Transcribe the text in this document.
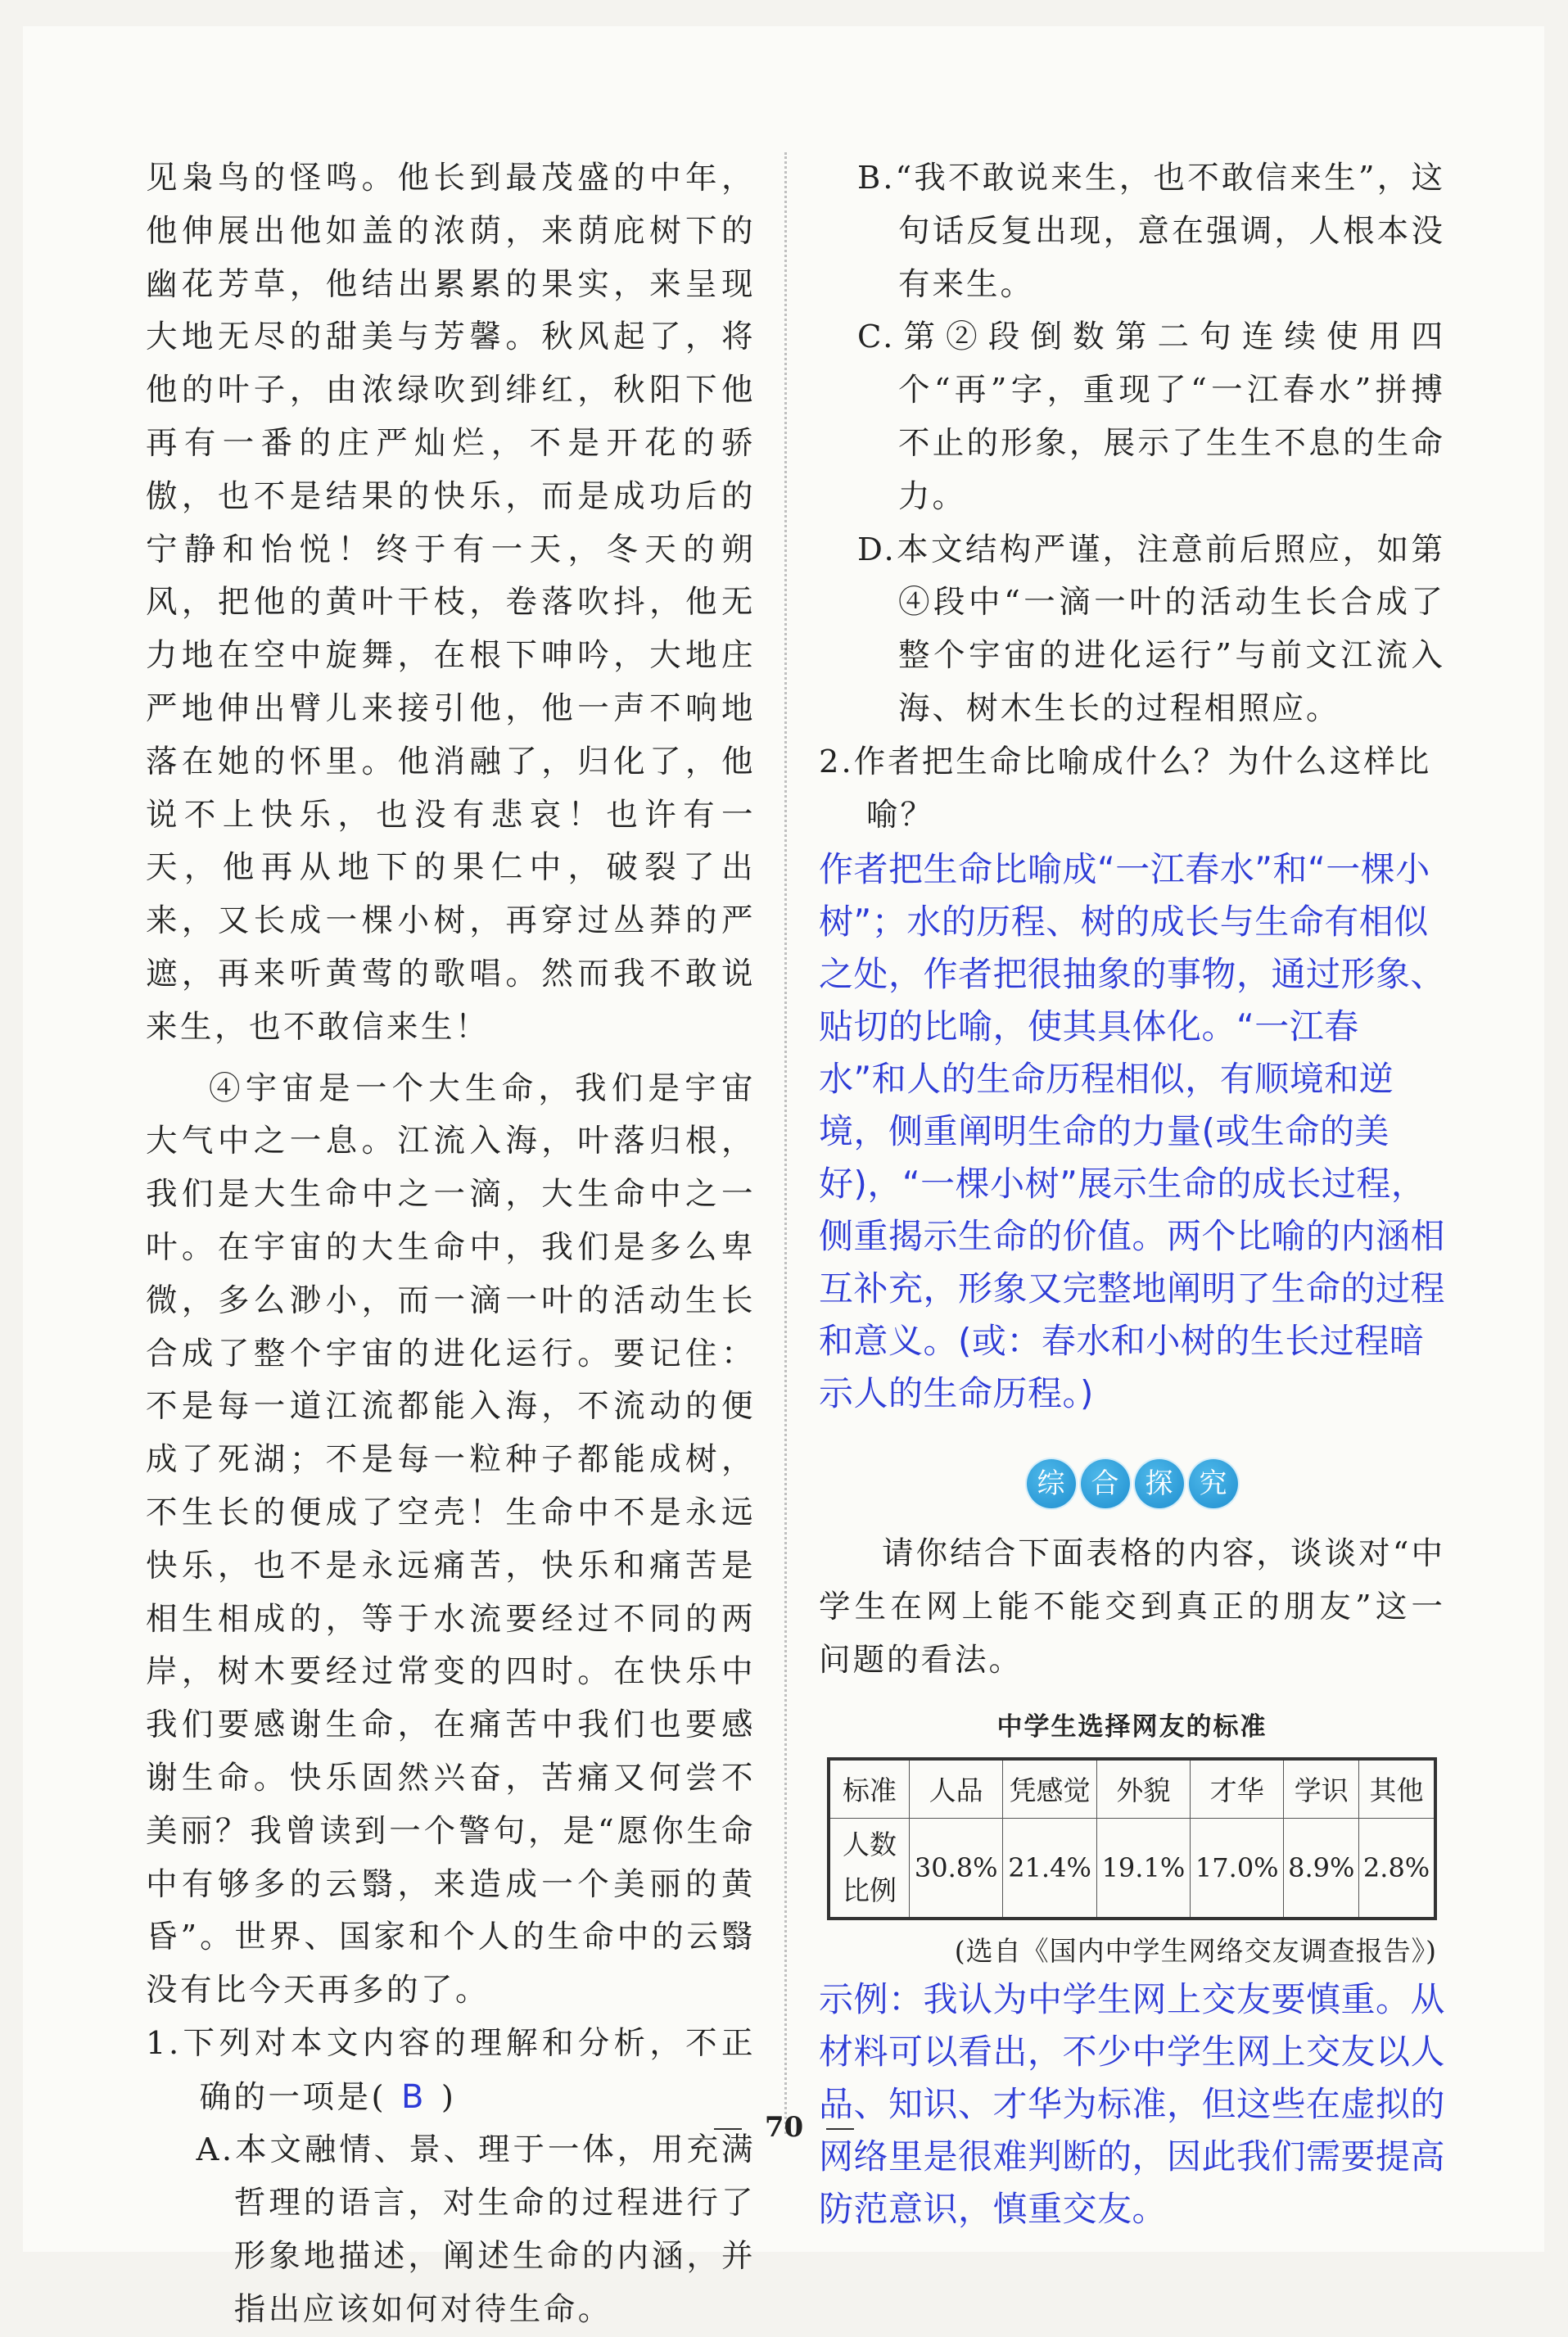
见枭鸟的怪鸣。他长到最茂盛的中年，他伸展出他如盖的浓荫，来荫庇树下的幽花芳草，他结出累累的果实，来呈现大地无尽的甜美与芳馨。秋风起了，将他的叶子，由浓绿吹到绯红，秋阳下他再有一番的庄严灿烂，不是开花的骄傲，也不是结果的快乐，而是成功后的宁静和怡悦！终于有一天，冬天的朔风，把他的黄叶干枝，卷落吹抖，他无力地在空中旋舞，在根下呻吟，大地庄严地伸出臂儿来接引他，他一声不响地落在她的怀里。他消融了，归化了，他说不上快乐，也没有悲哀！也许有一天，他再从地下的果仁中，破裂了出来，又长成一棵小树，再穿过丛莽的严遮，再来听黄莺的歌唱。然而我不敢说来生，也不敢信来生！

④宇宙是一个大生命，我们是宇宙大气中之一息。江流入海，叶落归根，我们是大生命中之一滴，大生命中之一叶。在宇宙的大生命中，我们是多么卑微，多么渺小，而一滴一叶的活动生长合成了整个宇宙的进化运行。要记住：不是每一道江流都能入海，不流动的便成了死湖；不是每一粒种子都能成树，不生长的便成了空壳！生命中不是永远快乐，也不是永远痛苦，快乐和痛苦是相生相成的，等于水流要经过不同的两岸，树木要经过常变的四时。在快乐中我们要感谢生命，在痛苦中我们也要感谢生命。快乐固然兴奋，苦痛又何尝不美丽？我曾读到一个警句，是“愿你生命中有够多的云翳，来造成一个美丽的黄昏”。世界、国家和个人的生命中的云翳没有比今天再多的了。

1.下列对本文内容的理解和分析，不正确的一项是( B )

A.本文融情、景、理于一体，用充满哲理的语言，对生命的过程进行了形象地描述，阐述生命的内涵，并指出应该如何对待生命。

B.“我不敢说来生，也不敢信来生”，这句话反复出现，意在强调，人根本没有来生。

C.第②段倒数第二句连续使用四个“再”字，重现了“一江春水”拼搏不止的形象，展示了生生不息的生命力。

D.本文结构严谨，注意前后照应，如第④段中“一滴一叶的活动生长合成了整个宇宙的进化运行”与前文江流入海、树木生长的过程相照应。

2.作者把生命比喻成什么？为什么这样比喻？

作者把生命比喻成“一江春水”和“一棵小树”；水的历程、树的成长与生命有相似之处，作者把很抽象的事物，通过形象、贴切的比喻，使其具体化。“一江春水”和人的生命历程相似，有顺境和逆境，侧重阐明生命的力量(或生命的美好)，“一棵小树”展示生命的成长过程，侧重揭示生命的价值。两个比喻的内涵相互补充，形象又完整地阐明了生命的过程和意义。(或：春水和小树的生长过程暗示人的生命历程。)

综 合 探 究

请你结合下面表格的内容，谈谈对“中学生在网上能不能交到真正的朋友”这一问题的看法。

中学生选择网友的标准
标准	人品	凭感觉	外貌	才华	学识	其他
人数比例	30.8%	21.4%	19.1%	17.0%	8.9%	2.8%
(选自《国内中学生网络交友调查报告》)

示例：我认为中学生网上交友要慎重。从材料可以看出，不少中学生网上交友以人品、知识、才华为标准，但这些在虚拟的网络里是很难判断的，因此我们需要提高防范意识，慎重交友。

70
